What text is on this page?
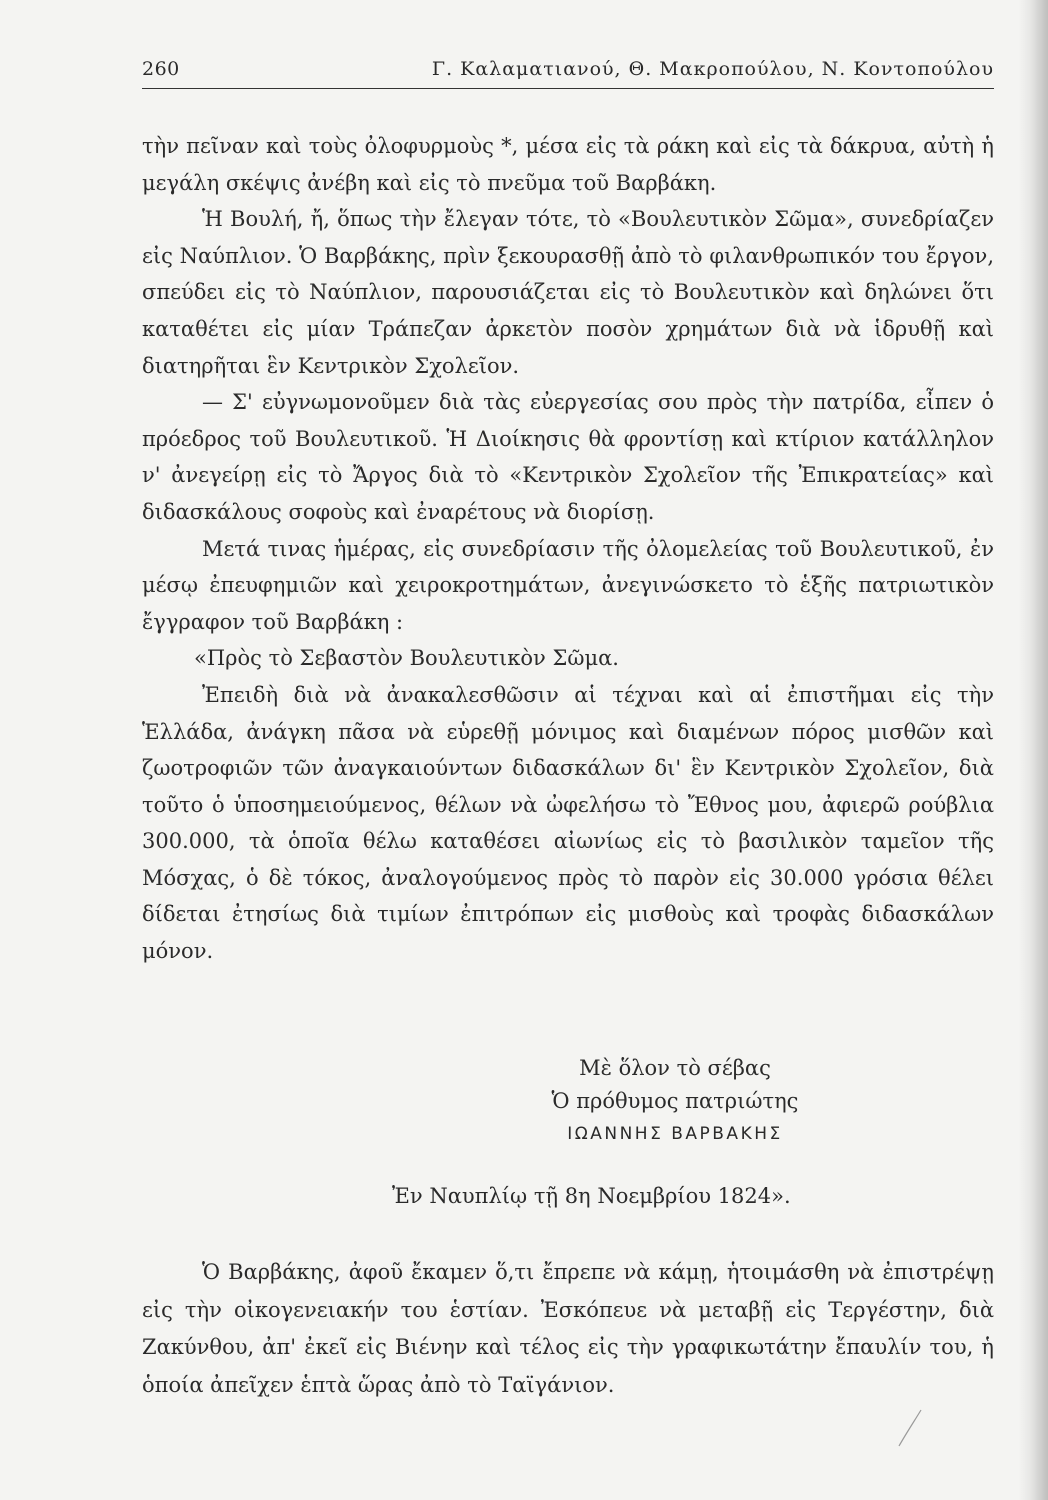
260	Γ. Καλαματιανού, Θ. Μακροπούλου, Ν. Κοντοπούλου

τὴν πεῖναν καὶ τοὺς ὀλοφυρμοὺς *, μέσα εἰς τὰ ράκη καὶ εἰς τὰ δάκρυα, αὐτὴ ἡ μεγάλη σκέψις ἀνέβη καὶ εἰς τὸ πνεῦμα τοῦ Βαρβάκη.

Ἡ Βουλή, ἤ, ὅπως τὴν ἔλεγαν τότε, τὸ «Βουλευτικὸν Σῶμα», συνεδρίαζεν εἰς Ναύπλιον. Ὁ Βαρβάκης, πρὶν ξεκουρασθῇ ἀπὸ τὸ φιλανθρωπικόν του ἔργον, σπεύδει εἰς τὸ Ναύπλιον, παρουσιάζεται εἰς τὸ Βουλευτικὸν καὶ δηλώνει ὅτι καταθέτει εἰς μίαν Τράπεζαν ἀρκετὸν ποσὸν χρημάτων διὰ νὰ ἱδρυθῇ καὶ διατηρῆται ἓν Κεντρικὸν Σχολεῖον.

— Σ' εὐγνωμονοῦμεν διὰ τὰς εὐεργεσίας σου πρὸς τὴν πατρίδα, εἶπεν ὁ πρόεδρος τοῦ Βουλευτικοῦ. Ἡ Διοίκησις θὰ φροντίσῃ καὶ κτίριον κατάλληλον ν' ἀνεγείρῃ εἰς τὸ Ἄργος διὰ τὸ «Κεντρικὸν Σχολεῖον τῆς Ἐπικρατείας» καὶ διδασκάλους σοφοὺς καὶ ἐναρέτους νὰ διορίσῃ.

Μετά τινας ἡμέρας, εἰς συνεδρίασιν τῆς ὀλομελείας τοῦ Βουλευτικοῦ, ἐν μέσῳ ἐπευφημιῶν καὶ χειροκροτημάτων, ἀνεγινώσκετο τὸ ἑξῆς πατριωτικὸν ἔγγραφον τοῦ Βαρβάκη :

«Πρὸς τὸ Σεβαστὸν Βουλευτικὸν Σῶμα.

Ἐπειδὴ διὰ νὰ ἀνακαλεσθῶσιν αἱ τέχναι καὶ αἱ ἐπιστῆμαι εἰς τὴν Ἑλλάδα, ἀνάγκη πᾶσα νὰ εὑρεθῇ μόνιμος καὶ διαμένων πόρος μισθῶν καὶ ζωοτροφιῶν τῶν ἀναγκαιούντων διδασκάλων δι' ἓν Κεντρικὸν Σχολεῖον, διὰ τοῦτο ὁ ὑποσημειούμενος, θέλων νὰ ὠφελήσω τὸ Ἔθνος μου, ἀφιερῶ ρούβλια 300.000, τὰ ὁποῖα θέλω καταθέσει αἰωνίως εἰς τὸ βασιλικὸν ταμεῖον τῆς Μόσχας, ὁ δὲ τόκος, ἀναλογούμενος πρὸς τὸ παρὸν εἰς 30.000 γρόσια θέλει δίδεται ἐτησίως διὰ τιμίων ἐπιτρόπων εἰς μισθοὺς καὶ τροφὰς διδασκάλων μόνον.

Μὲ ὅλον τὸ σέβας
Ὁ πρόθυμος πατριώτης
ΙΩΑΝΝΗΣ ΒΑΡΒΑΚΗΣ
Ἐν Ναυπλίῳ τῇ 8η Νοεμβρίου 1824».

Ὁ Βαρβάκης, ἀφοῦ ἔκαμεν ὅ,τι ἔπρεπε νὰ κάμῃ, ἡτοιμάσθη νὰ ἐπιστρέψῃ εἰς τὴν οἰκογενειακήν του ἑστίαν. Ἐσκόπευε νὰ μεταβῇ εἰς Τεργέστην, διὰ Ζακύνθου, ἀπ' ἐκεῖ εἰς Βιένην καὶ τέλος εἰς τὴν γραφικωτάτην ἔπαυλίν του, ἡ ὁποία ἀπεῖχεν ἑπτὰ ὥρας ἀπὸ τὸ Ταϊγάνιον.
